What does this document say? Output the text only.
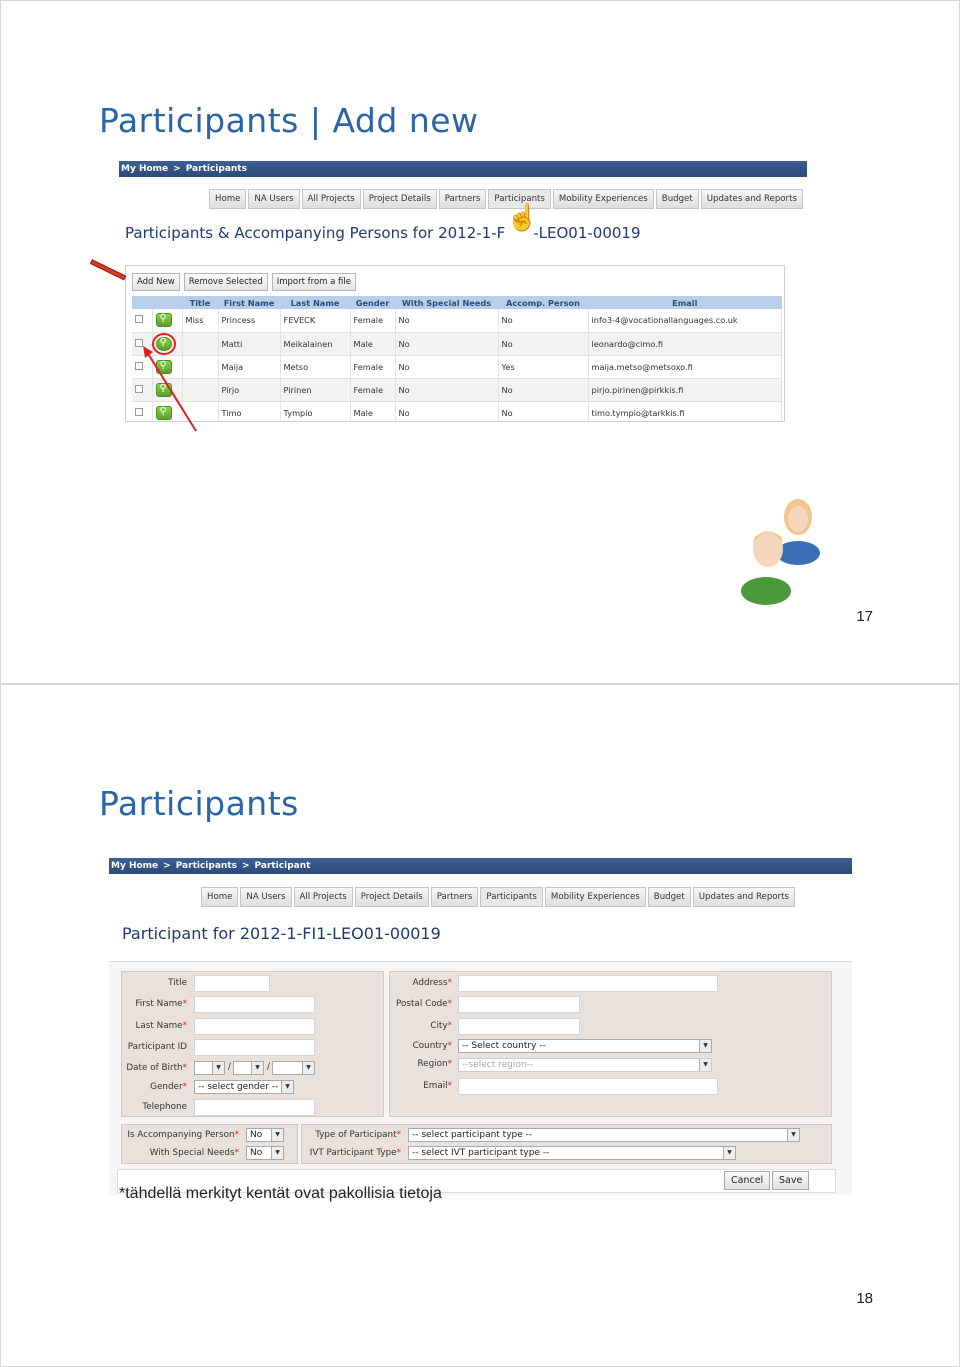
Participants | Add new
My Home > Participants
Home	NA Users	All Projects	Project Details	Partners	Participants	Mobility Experiences	Budget	Updates and Reports
Participants & Accompanying Persons for 2012-1-F -LEO01-00019
Add New	Remove Selected	Import from a file
		Title	First Name	Last Name	Gender	With Special Needs	Accomp. Person	Email
	⚲	Miss	Princess	FEVECK	Female	No	No	info3-4@vocationallanguages.co.uk
	⚲		Matti	Meikalainen	Male	No	No	leonardo@cimo.fi
	⚲		Maija	Metso	Female	No	Yes	maija.metso@metsoxo.fi
	⚲		Pirjo	Pirinen	Female	No	No	pirjo.pirinen@pirkkis.fi
	⚲		Timo	Tympio	Male	No	No	timo.tympio@tarkkis.fi
☝
17
Participants
My Home > Participants > Participant
Home	NA Users	All Projects	Project Details	Partners	Participants	Mobility Experiences	Budget	Updates and Reports
Participant for 2012-1-FI1-LEO01-00019
Title
First Name*
Last Name*
Participant ID
Date of Birth*	▼ /	▼ /	▼
Gender*	-- select gender --	▼
Telephone
Address*
Postal Code*
City*
Country*	-- Select country --	▼
Region*	--select region--	▼
Email*
Is Accompanying Person*	No	▼
With Special Needs*	No	▼
Type of Participant*	-- select participant type --	▼
IVT Participant Type*	-- select IVT participant type --	▼
Cancel	Save
*tähdellä merkityt kentät ovat pakollisia tietoja
18
